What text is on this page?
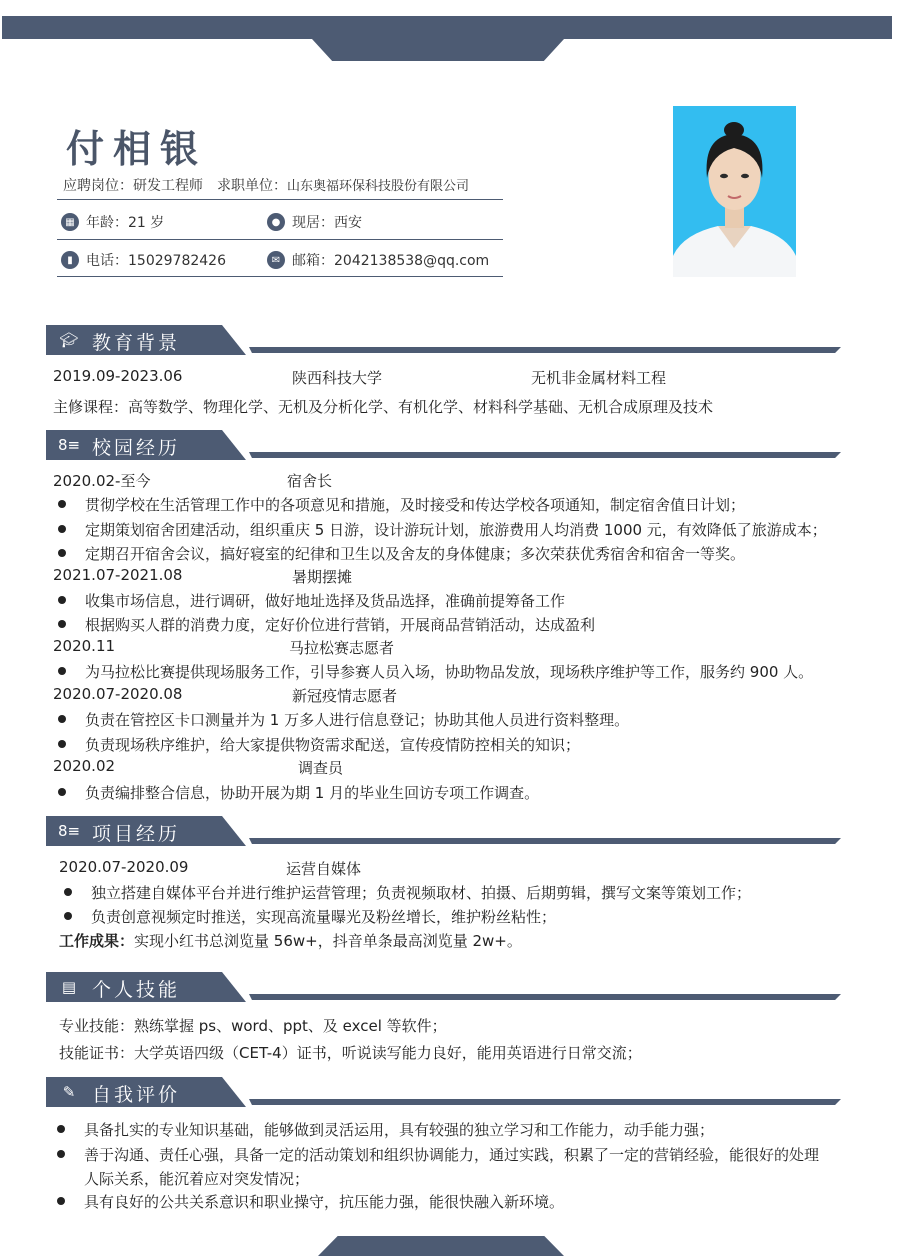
付相银
应聘岗位：研发工程师 求职单位：山东奥福环保科技股份有限公司
▦ 年龄：21 岁	● 现居：西安
▮ 电话：15029782426	✉ 邮箱：2042138538@qq.com
🎓︎ 教育背景
2019.09-2023.06	陕西科技大学	无机非金属材料工程
主修课程：高等数学、物理化学、无机及分析化学、有机化学、材料科学基础、无机合成原理及技术
8≡ 校园经历
2020.02-至今	宿舍长
贯彻学校在生活管理工作中的各项意见和措施，及时接受和传达学校各项通知，制定宿舍值日计划；
定期策划宿舍团建活动，组织重庆 5 日游，设计游玩计划，旅游费用人均消费 1000 元，有效降低了旅游成本；
定期召开宿舍会议，搞好寝室的纪律和卫生以及舍友的身体健康；多次荣获优秀宿舍和宿舍一等奖。
2021.07-2021.08	暑期摆摊
收集市场信息，进行调研，做好地址选择及货品选择，准确前提筹备工作
根据购买人群的消费力度，定好价位进行营销，开展商品营销活动，达成盈利
2020.11	马拉松赛志愿者
为马拉松比赛提供现场服务工作，引导参赛人员入场，协助物品发放，现场秩序维护等工作，服务约 900 人。
2020.07-2020.08	新冠疫情志愿者
负责在管控区卡口测量并为 1 万多人进行信息登记；协助其他人员进行资料整理。
负责现场秩序维护，给大家提供物资需求配送，宣传疫情防控相关的知识；
2020.02	调查员
负责编排整合信息，协助开展为期 1 月的毕业生回访专项工作调查。
8≡ 项目经历
2020.07-2020.09	运营自媒体
独立搭建自媒体平台并进行维护运营管理；负责视频取材、拍摄、后期剪辑，撰写文案等策划工作；
负责创意视频定时推送，实现高流量曝光及粉丝增长，维护粉丝粘性；
工作成果：实现小红书总浏览量 56w+，抖音单条最高浏览量 2w+。
▤ 个人技能
专业技能：熟练掌握 ps、word、ppt、及 excel 等软件；
技能证书：大学英语四级（CET-4）证书，听说读写能力良好，能用英语进行日常交流；
✎ 自我评价
具备扎实的专业知识基础，能够做到灵活运用，具有较强的独立学习和工作能力，动手能力强；
善于沟通、责任心强，具备一定的活动策划和组织协调能力，通过实践，积累了一定的营销经验，能很好的处理
人际关系，能沉着应对突发情况；
具有良好的公共关系意识和职业操守，抗压能力强，能很快融入新环境。
